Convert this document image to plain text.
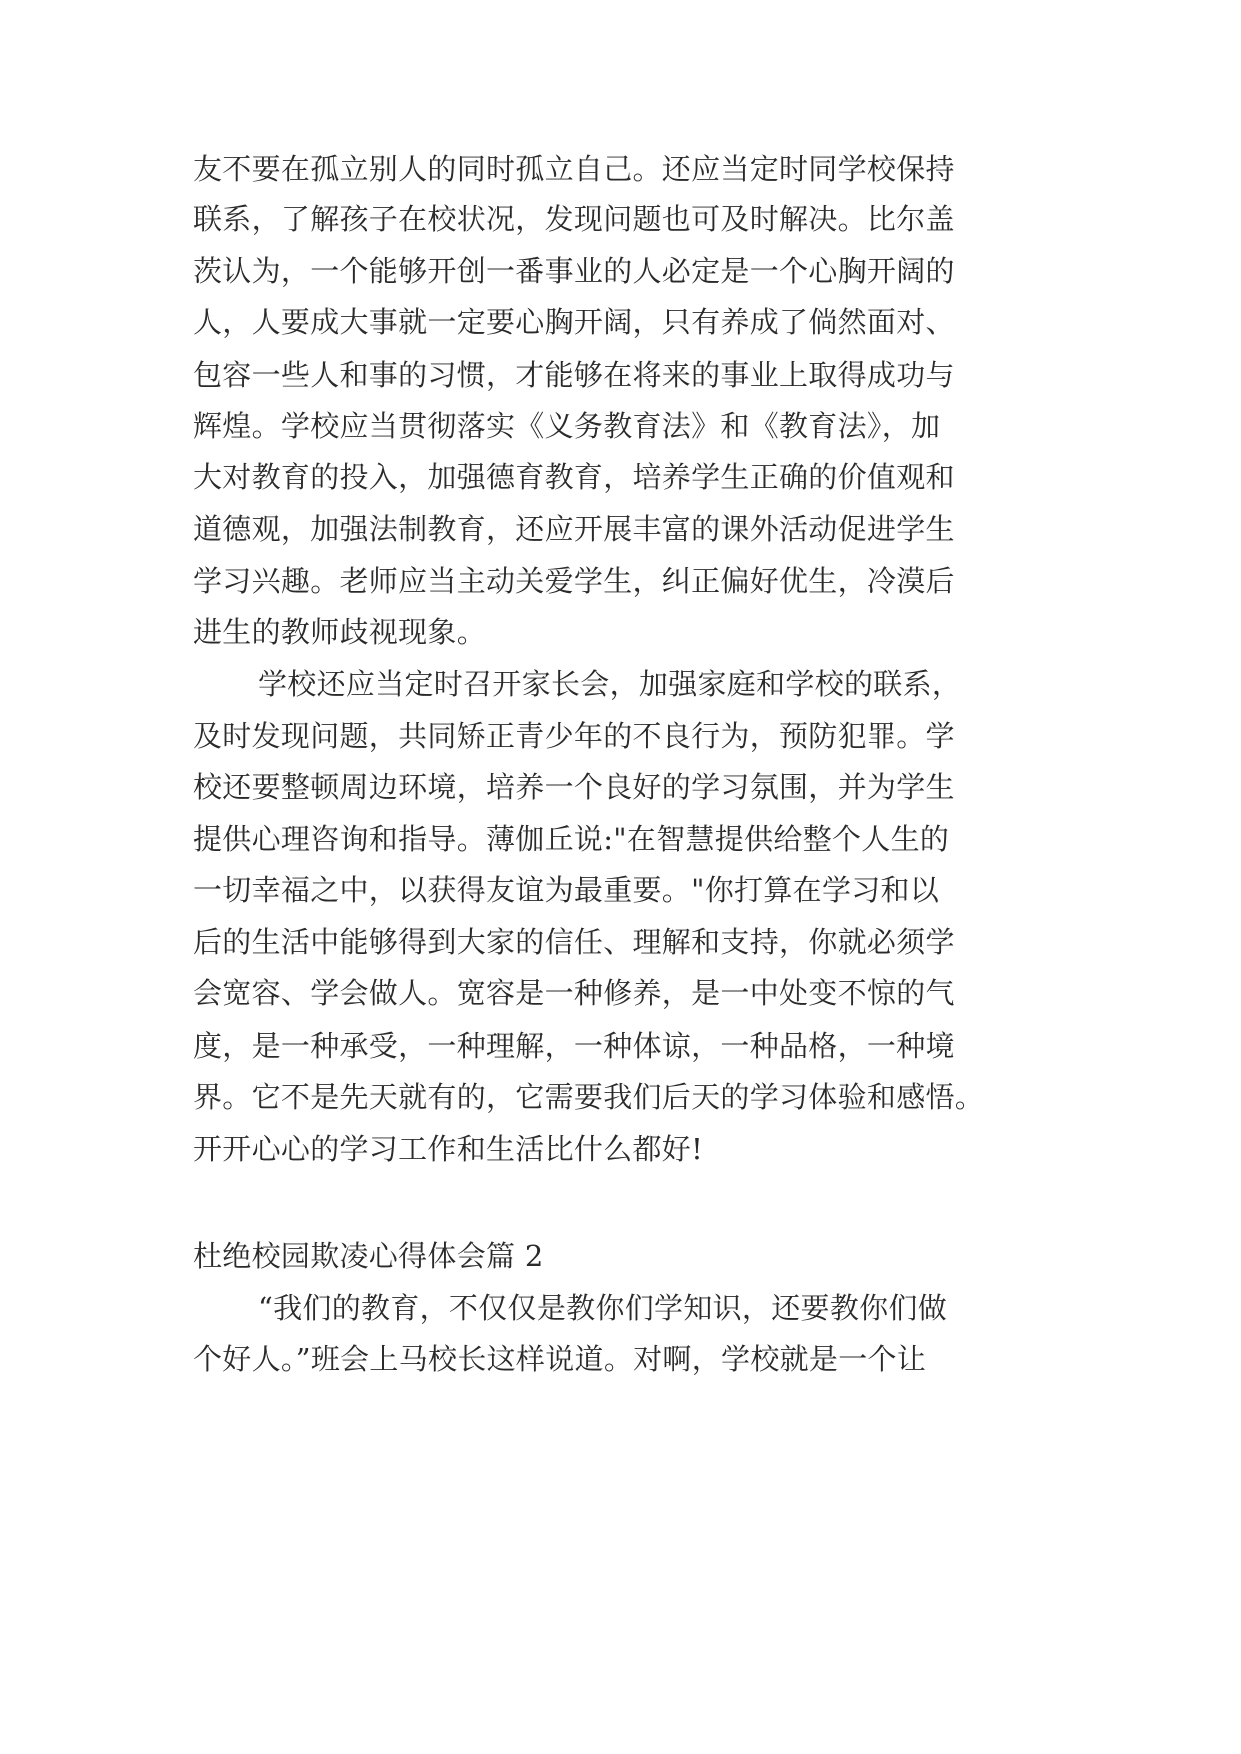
友不要在孤立别人的同时孤立自己。还应当定时同学校保持
联系，了解孩子在校状况，发现问题也可及时解决。比尔盖
茨认为，一个能够开创一番事业的人必定是一个心胸开阔的
人，人要成大事就一定要心胸开阔，只有养成了倘然面对、
包容一些人和事的习惯，才能够在将来的事业上取得成功与
辉煌。学校应当贯彻落实《义务教育法》和《教育法》，加
大对教育的投入，加强德育教育，培养学生正确的价值观和
道德观，加强法制教育，还应开展丰富的课外活动促进学生
学习兴趣。老师应当主动关爱学生，纠正偏好优生，冷漠后
进生的教师歧视现象。
学校还应当定时召开家长会，加强家庭和学校的联系，
及时发现问题，共同矫正青少年的不良行为，预防犯罪。学
校还要整顿周边环境，培养一个良好的学习氛围，并为学生
提供心理咨询和指导。薄伽丘说:"在智慧提供给整个人生的
一切幸福之中，以获得友谊为最重要。"你打算在学习和以
后的生活中能够得到大家的信任、理解和支持，你就必须学
会宽容、学会做人。宽容是一种修养，是一中处变不惊的气
度，是一种承受，一种理解，一种体谅，一种品格，一种境
界。它不是先天就有的，它需要我们后天的学习体验和感悟。
开开心心的学习工作和生活比什么都好!
杜绝校园欺凌心得体会篇 2
“我们的教育，不仅仅是教你们学知识，还要教你们做
个好人。”班会上马校长这样说道。对啊，学校就是一个让
